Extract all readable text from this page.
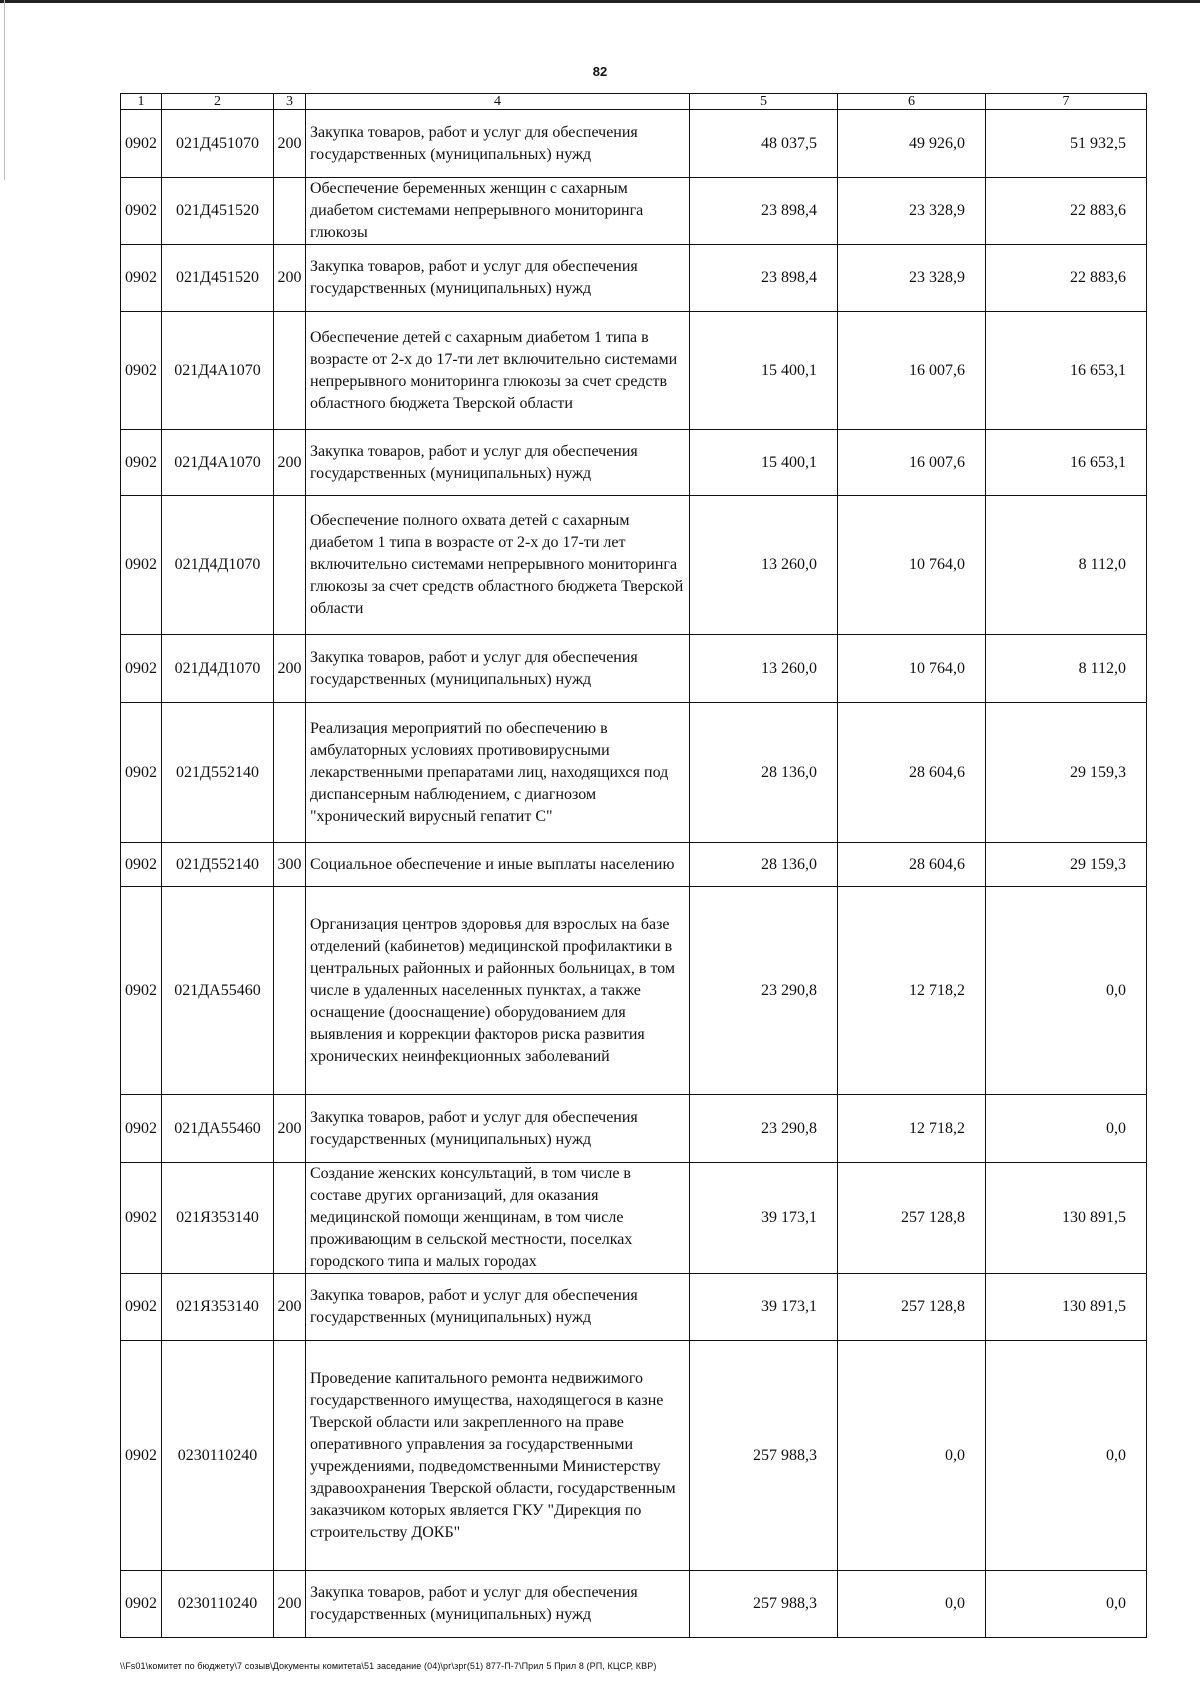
82
1	2	3	4	5	6	7
0902	021Д451070	200	Закупка товаров, работ и услуг для обеспечения государственных (муниципальных) нужд	48 037,5	49 926,0	51 932,5
0902	021Д451520		Обеспечение беременных женщин с сахарным диабетом системами непрерывного мониторинга глюкозы	23 898,4	23 328,9	22 883,6
0902	021Д451520	200	Закупка товаров, работ и услуг для обеспечения государственных (муниципальных) нужд	23 898,4	23 328,9	22 883,6
0902	021Д4А1070		Обеспечение детей с сахарным диабетом 1 типа в возрасте от 2-х до 17-ти лет включительно системами непрерывного мониторинга глюкозы за счет средств областного бюджета Тверской области	15 400,1	16 007,6	16 653,1
0902	021Д4А1070	200	Закупка товаров, работ и услуг для обеспечения государственных (муниципальных) нужд	15 400,1	16 007,6	16 653,1
0902	021Д4Д1070		Обеспечение полного охвата детей с сахарным диабетом 1 типа в возрасте от 2-х до 17-ти лет включительно системами непрерывного мониторинга глюкозы за счет средств областного бюджета Тверской области	13 260,0	10 764,0	8 112,0
0902	021Д4Д1070	200	Закупка товаров, работ и услуг для обеспечения государственных (муниципальных) нужд	13 260,0	10 764,0	8 112,0
0902	021Д552140		Реализация мероприятий по обеспечению в амбулаторных условиях противовирусными лекарственными препаратами лиц, находящихся под диспансерным наблюдением, с диагнозом "хронический вирусный гепатит С"	28 136,0	28 604,6	29 159,3
0902	021Д552140	300	Социальное обеспечение и иные выплаты населению	28 136,0	28 604,6	29 159,3
0902	021ДА55460		Организация центров здоровья для взрослых на базе отделений (кабинетов) медицинской профилактики в центральных районных и районных больницах, в том числе в удаленных населенных пунктах, а также оснащение (дооснащение) оборудованием для выявления и коррекции факторов риска развития хронических неинфекционных заболеваний	23 290,8	12 718,2	0,0
0902	021ДА55460	200	Закупка товаров, работ и услуг для обеспечения государственных (муниципальных) нужд	23 290,8	12 718,2	0,0
0902	021Я353140		Создание женских консультаций, в том числе в составе других организаций, для оказания медицинской помощи женщинам, в том числе проживающим в сельской местности, поселках городского типа и малых городах	39 173,1	257 128,8	130 891,5
0902	021Я353140	200	Закупка товаров, работ и услуг для обеспечения государственных (муниципальных) нужд	39 173,1	257 128,8	130 891,5
0902	0230110240		Проведение капитального ремонта недвижимого государственного имущества, находящегося в казне Тверской области или закрепленного на праве оперативного управления за государственными учреждениями, подведомственными Министерству здравоохранения Тверской области, государственным заказчиком которых является ГКУ "Дирекция по строительству ДОКБ"	257 988,3	0,0	0,0
0902	0230110240	200	Закупка товаров, работ и услуг для обеспечения государственных (муниципальных) нужд	257 988,3	0,0	0,0
\\Fs01\комитет по бюджету\7 созыв\Документы комитета\51 заседание (04)\рг\зрг(51) 877-П-7\Прил 5 Прил 8 (РП, КЦСР, КВР)
